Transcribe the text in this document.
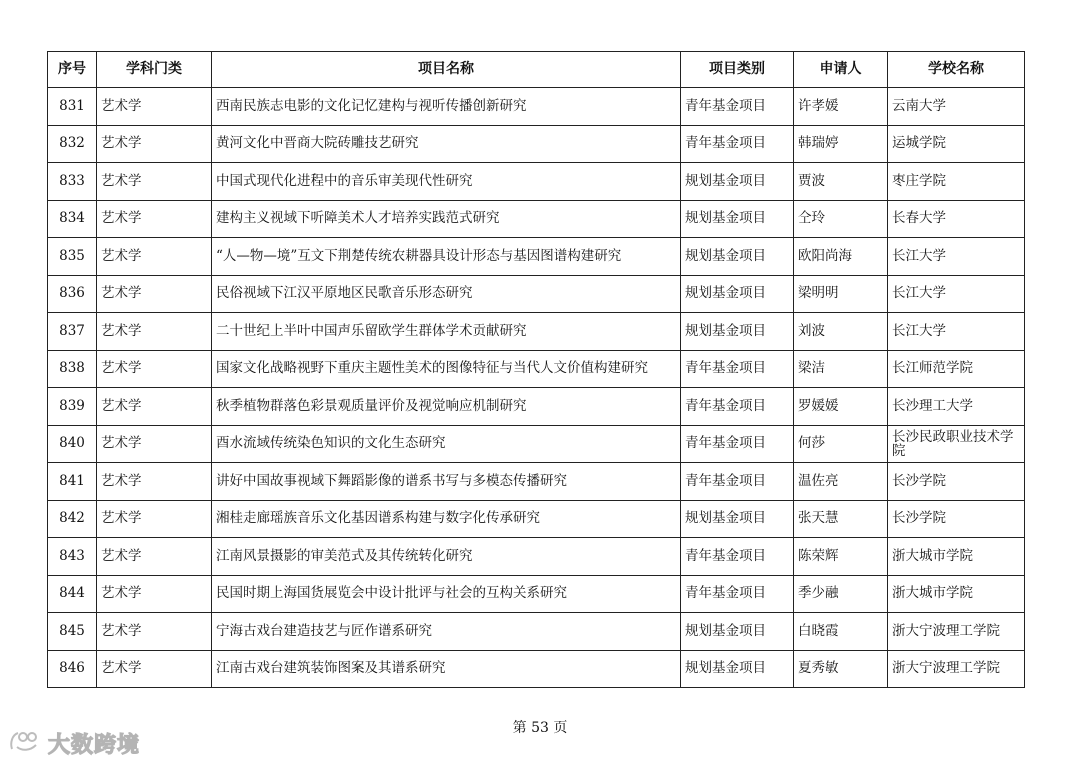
序号	学科门类	项目名称	项目类别	申请人	学校名称
831	艺术学	西南民族志电影的文化记忆建构与视听传播创新研究	青年基金项目	许孝媛	云南大学
832	艺术学	黄河文化中晋商大院砖雕技艺研究	青年基金项目	韩瑞婷	运城学院
833	艺术学	中国式现代化进程中的音乐审美现代性研究	规划基金项目	贾波	枣庄学院
834	艺术学	建构主义视域下听障美术人才培养实践范式研究	规划基金项目	仝玲	长春大学
835	艺术学	“人—物—境”互文下荆楚传统农耕器具设计形态与基因图谱构建研究	规划基金项目	欧阳尚海	长江大学
836	艺术学	民俗视域下江汉平原地区民歌音乐形态研究	规划基金项目	梁明明	长江大学
837	艺术学	二十世纪上半叶中国声乐留欧学生群体学术贡献研究	规划基金项目	刘波	长江大学
838	艺术学	国家文化战略视野下重庆主题性美术的图像特征与当代人文价值构建研究	青年基金项目	梁洁	长江师范学院
839	艺术学	秋季植物群落色彩景观质量评价及视觉响应机制研究	青年基金项目	罗媛媛	长沙理工大学
840	艺术学	酉水流域传统染色知识的文化生态研究	青年基金项目	何莎	长沙民政职业技术学院
841	艺术学	讲好中国故事视域下舞蹈影像的谱系书写与多模态传播研究	青年基金项目	温佐亮	长沙学院
842	艺术学	湘桂走廊瑶族音乐文化基因谱系构建与数字化传承研究	规划基金项目	张天慧	长沙学院
843	艺术学	江南风景摄影的审美范式及其传统转化研究	青年基金项目	陈荣辉	浙大城市学院
844	艺术学	民国时期上海国货展览会中设计批评与社会的互构关系研究	青年基金项目	季少融	浙大城市学院
845	艺术学	宁海古戏台建造技艺与匠作谱系研究	规划基金项目	白晓霞	浙大宁波理工学院
846	艺术学	江南古戏台建筑装饰图案及其谱系研究	规划基金项目	夏秀敏	浙大宁波理工学院
第 53 页
大数跨境
